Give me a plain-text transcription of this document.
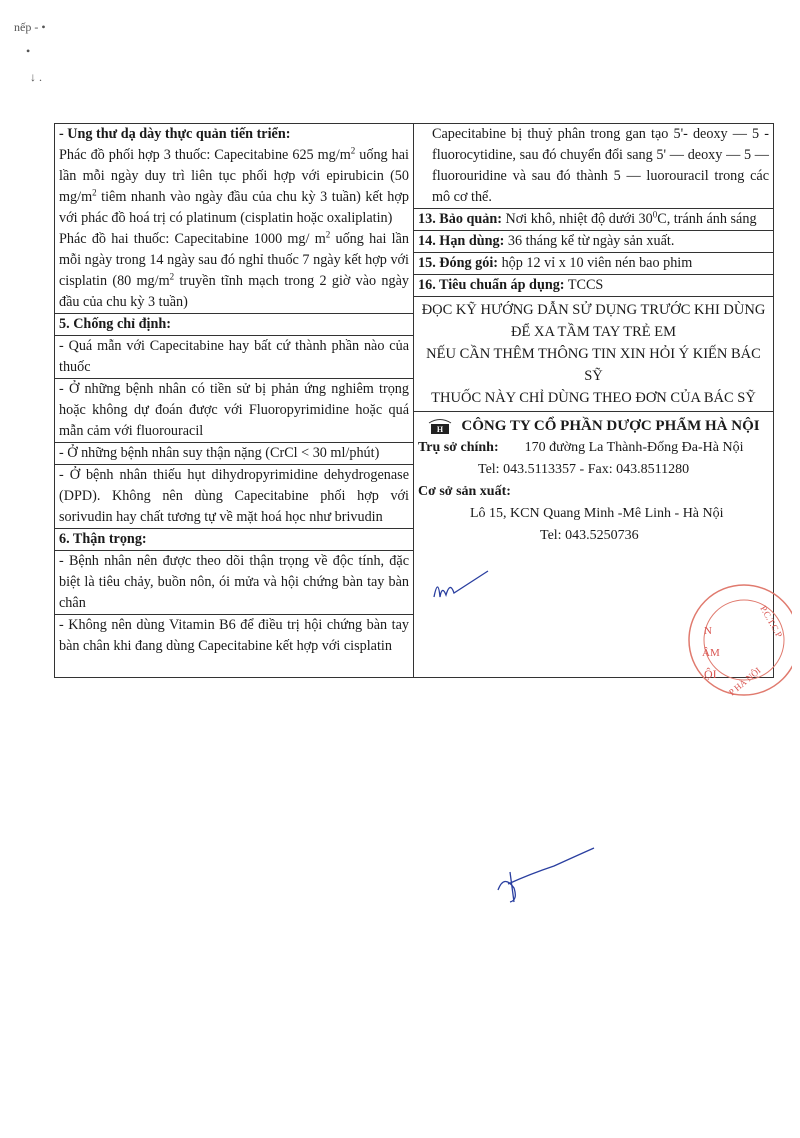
nếp - •
•
↓ .
- Ung thư dạ dày thực quản tiến triển:
Phác đồ phối hợp 3 thuốc: Capecitabine 625 $mg/m^2$ uống hai lần mỗi ngày duy trì liên tục phối hợp với epirubicin (50 $mg/m^2$ tiêm nhanh vào ngày đầu của chu kỳ 3 tuần) kết hợp với phác đồ hoá trị có platinum (cisplatin hoặc oxaliplatin)
Phác đồ hai thuốc: Capecitabine 1000 mg/ $m^2$ uống hai lần mỗi ngày trong 14 ngày sau đó nghỉ thuốc 7 ngày kết hợp với cisplatin (80 $mg/m^2$ truyền tĩnh mạch trong 2 giờ vào ngày đầu của chu kỳ 3 tuần)
5. Chống chỉ định:
- Quá mẫn với Capecitabine hay bất cứ thành phần nào của thuốc
- Ở những bệnh nhân có tiền sử bị phản ứng nghiêm trọng hoặc không dự đoán được với Fluoropyrimidine hoặc quá mẫn cảm với fluorouracil
- Ở những bệnh nhân suy thận nặng (CrCl < 30 ml/phút)
- Ở bệnh nhân thiếu hụt dihydropyrimidine dehydrogenase (DPD). Không nên dùng Capecitabine phối hợp với sorivudin hay chất tương tự về mặt hoá học như brivudin
6. Thận trọng:
- Bệnh nhân nên được theo dõi thận trọng về độc tính, đặc biệt là tiêu chảy, buồn nôn, ói mửa và hội chứng bàn tay bàn chân
- Không nên dùng Vitamin B6 để điều trị hội chứng bàn tay bàn chân khi đang dùng Capecitabine kết hợp với cisplatin

Capecitabine bị thuỷ phân trong gan tạo 5'- deoxy — 5 - fluorocytidine, sau đó chuyển đổi sang 5' — deoxy — 5 — fluorouridine và sau đó thành 5 — luorouracil trong các mô cơ thể.
13. Bảo quản: Nơi khô, nhiệt độ dưới $30^0C$, tránh ánh sáng
14. Hạn dùng: 36 tháng kể từ ngày sản xuất.
15. Đóng gói: hộp 12 vỉ x 10 viên nén bao phim
16. Tiêu chuẩn áp dụng: TCCS

ĐỌC KỸ HƯỚNG DẪN SỬ DỤNG TRƯỚC KHI DÙNG

ĐỂ XA TẦM TAY TRẺ EM

NẾU CẦN THÊM THÔNG TIN XIN HỎI Ý KIẾN BÁC SỸ

THUỐC NÀY CHỈ DÙNG THEO ĐƠN CỦA BÁC SỸ

H CÔNG TY CỔ PHẦN DƯỢC PHẨM HÀ NỘI
Trụ sở chính: 170 đường La Thành-Đống Đa-Hà Nội
Tel: 043.5113357 - Fax: 043.8511280
Cơ sở sản xuất:
Lô 15, KCN Quang Minh -Mê Linh - Hà Nội
Tel: 043.5250736
P.C.T.C.P
N
ÂM
ỘI P HÀ NỘI
